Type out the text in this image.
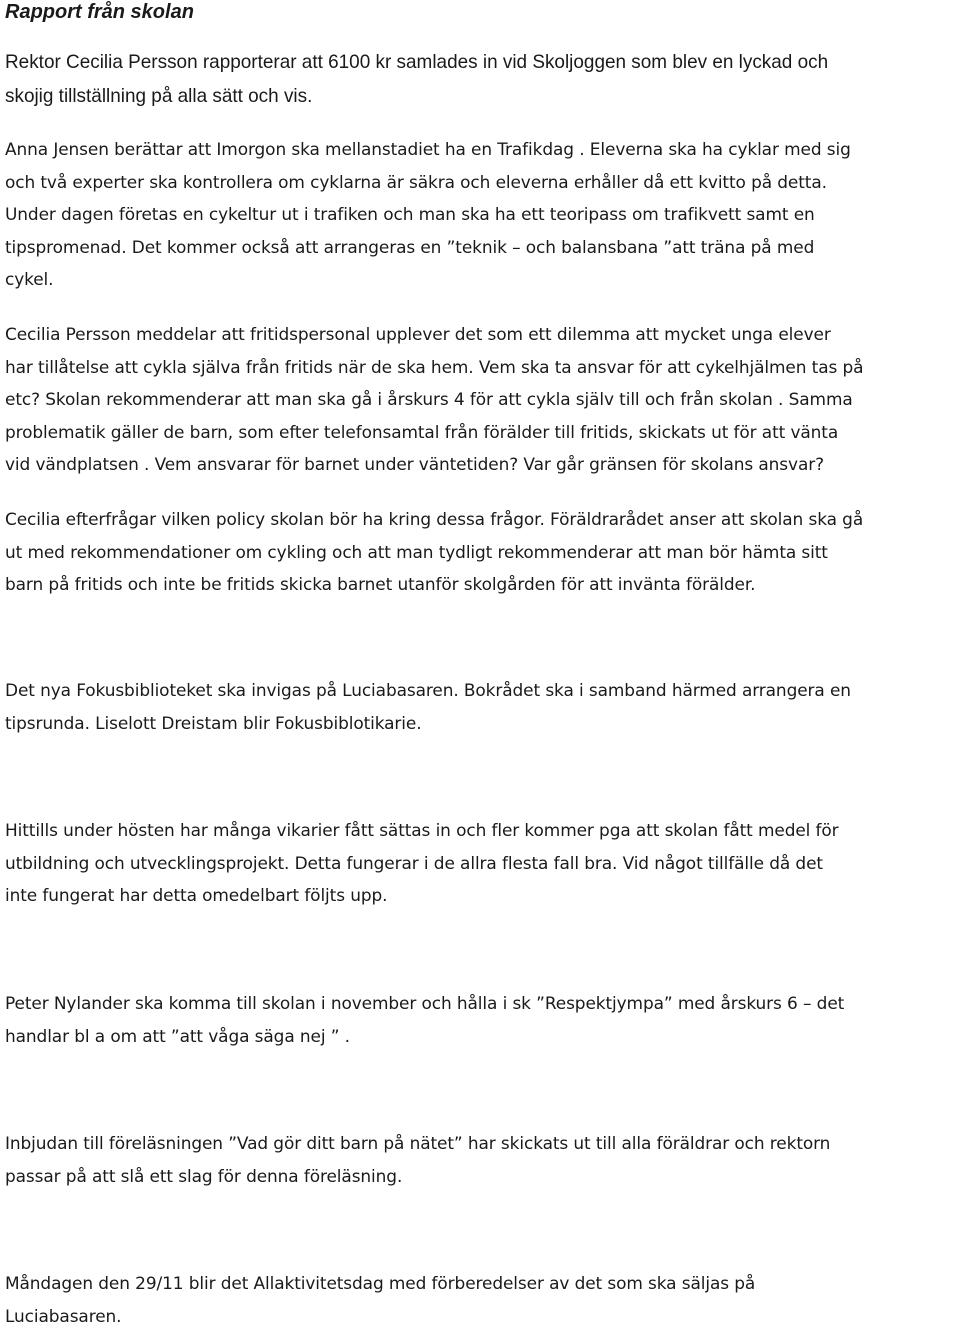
Rapport från skolan
Rektor Cecilia Persson rapporterar att 6100 kr samlades in vid Skoljoggen som blev en lyckad och
skojig tillställning på alla sätt och vis.
Anna Jensen berättar att Imorgon ska mellanstadiet ha en Trafikdag . Eleverna ska ha cyklar med sig
och två experter ska kontrollera om cyklarna är säkra och eleverna erhåller då ett kvitto på detta.
Under dagen företas en cykeltur ut i trafiken och man ska ha ett teoripass om trafikvett samt en
tipspromenad. Det kommer också att arrangeras en ”teknik – och balansbana ”att träna på med
cykel.
Cecilia Persson meddelar att fritidspersonal upplever det som ett dilemma att mycket unga elever
har tillåtelse att cykla själva från fritids när de ska hem. Vem ska ta ansvar för att cykelhjälmen tas på
etc? Skolan rekommenderar att man ska gå i årskurs 4 för att cykla själv till och från skolan . Samma
problematik gäller de barn, som efter telefonsamtal från förälder till fritids, skickats ut för att vänta
vid vändplatsen . Vem ansvarar för barnet under väntetiden? Var går gränsen för skolans ansvar?
Cecilia efterfrågar vilken policy skolan bör ha kring dessa frågor. Föräldrarådet anser att skolan ska gå
ut med rekommendationer om cykling och att man tydligt rekommenderar att man bör hämta sitt
barn på fritids och inte be fritids skicka barnet utanför skolgården för att invänta förälder.
Det nya Fokusbiblioteket ska invigas på Luciabasaren. Bokrådet ska i samband härmed arrangera en
tipsrunda. Liselott Dreistam blir Fokusbiblotikarie.
Hittills under hösten har många vikarier fått sättas in och fler kommer pga att skolan fått medel för
utbildning och utvecklingsprojekt. Detta fungerar i de allra flesta fall bra. Vid något tillfälle då det
inte fungerat har detta omedelbart följts upp.
Peter Nylander ska komma till skolan i november och hålla i sk ”Respektjympa” med årskurs 6 – det
handlar bl a om att ”att våga säga nej ” .
Inbjudan till föreläsningen ”Vad gör ditt barn på nätet” har skickats ut till alla föräldrar och rektorn
passar på att slå ett slag för denna föreläsning.
Måndagen den 29/11 blir det Allaktivitetsdag med förberedelser av det som ska säljas på
Luciabasaren.
